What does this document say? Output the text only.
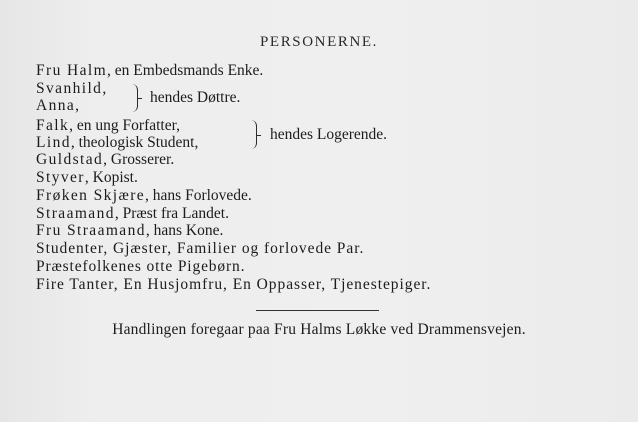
PERSONERNE.
Fru Halm, en Embedsmands Enke.
Svanhild,
Anna,	hendes Døttre.
Falk, en ung Forfatter,
Lind, theologisk Student,	hendes Logerende.
Guldstad, Grosserer.
Styver, Kopist.
Frøken Skjære, hans Forlovede.
Straamand, Præst fra Landet.
Fru Straamand, hans Kone.
Studenter, Gjæster, Familier og forlovede Par.
Præstefolkenes otte Pigebørn.
Fire Tanter, En Husjomfru, En Oppasser, Tjenestepiger.
Handlingen foregaar paa Fru Halms Løkke ved Drammensvejen.
